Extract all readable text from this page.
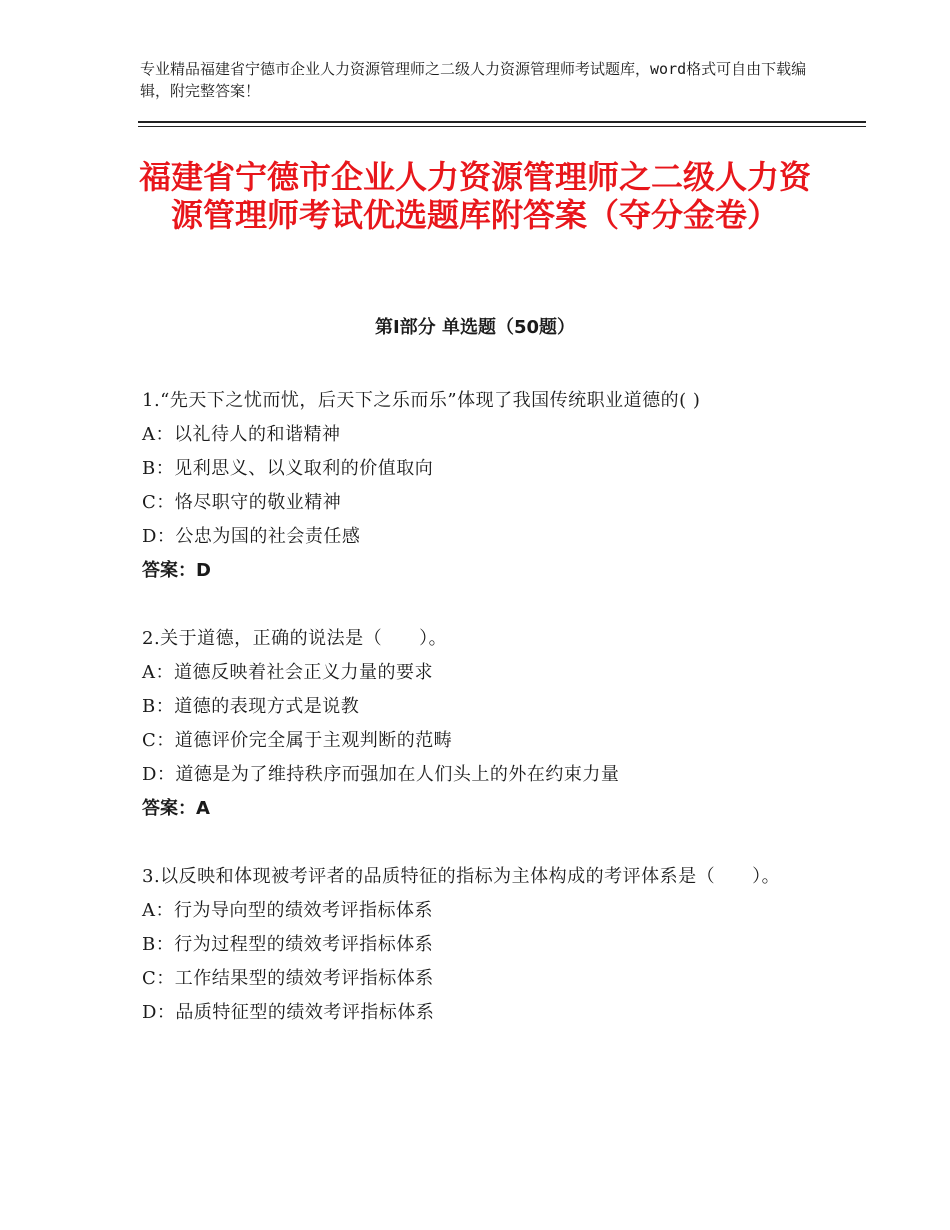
专业精品福建省宁德市企业人力资源管理师之二级人力资源管理师考试题库，word格式可自由下载编辑，附完整答案！
福建省宁德市企业人力资源管理师之二级人力资源管理师考试优选题库附答案（夺分金卷）
第Ⅰ部分 单选题（50题）
1.“先天下之忧而忧，后天下之乐而乐”体现了我国传统职业道德的( )
A：以礼待人的和谐精神
B：见利思义、以义取利的价值取向
C：恪尽职守的敬业精神
D：公忠为国的社会责任感
答案：D
2.关于道德，正确的说法是（　　）。
A：道德反映着社会正义力量的要求
B：道德的表现方式是说教
C：道德评价完全属于主观判断的范畴
D：道德是为了维持秩序而强加在人们头上的外在约束力量
答案：A
3.以反映和体现被考评者的品质特征的指标为主体构成的考评体系是（　　）。
A：行为导向型的绩效考评指标体系
B：行为过程型的绩效考评指标体系
C：工作结果型的绩效考评指标体系
D：品质特征型的绩效考评指标体系
